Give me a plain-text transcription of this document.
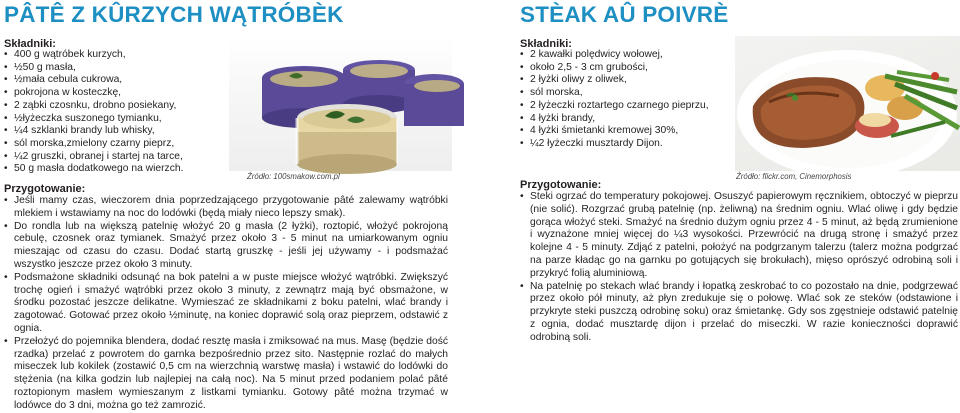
PÂTÊ Z KÛRZYCH WĄTRÓBÈK
Składniki:
• 400 g wątróbek kurzych,
• ½50 g masła,
• ½mała cebula cukrowa,
• pokrojona w kosteczkę,
• 2 ząbki czosnku, drobno posiekany,
• ½łyżeczka suszonego tymianku,
• ¼4 szklanki brandy lub whisky,
• sól morska,zmielony czarny pieprz,
• ¼2 gruszki, obranej i startej na tarce,
• 50 g masła dodatkowego na wierzch.
Źródło: 100smakow.com.pl
Przygotowanie:
• Jeśli mamy czas, wieczorem dnia poprzedzającego przygotowanie pâté zalewamy wątróbki mlekiem i wstawiamy na noc do lodówki (będą miały nieco lepszy smak).
• Do rondla lub na większą patelnię włożyć 20 g masła (2 łyżki), roztopić, włożyć pokrojoną cebulę, czosnek oraz tymianek. Smażyć przez około 3 - 5 minut na umiarkowanym ogniu mieszając od czasu do czasu. Dodać startą gruszkę - jeśli jej używamy - i podsmażać wszystko jeszcze przez około 3 minuty.
• Podsmażone składniki odsunąć na bok patelni a w puste miejsce włożyć wątróbki. Zwiększyć trochę ogień i smażyć wątróbki przez około 3 minuty, z zewnątrz mają być obsmażone, w środku pozostać jeszcze delikatne. Wymieszać ze składnikami z boku patelni, wlać brandy i zagotować. Gotować przez około ½minutę, na koniec doprawić solą oraz pieprzem, odstawić z ognia.
• Przełożyć do pojemnika blendera, dodać resztę masła i zmiksować na mus. Masę (będzie dość rzadka) przelać z powrotem do garnka bezpośrednio przez sito. Następnie rozlać do małych miseczek lub kokilek (zostawić 0,5 cm na wierzchnią warstwę masła) i wstawić do lodówki do stężenia (na kilka godzin lub najlepiej na całą noc). Na 5 minut przed podaniem polać pâté roztopionym masłem wymieszanym z listkami tymianku. Gotowy pâté można trzymać w lodówce do 3 dni, można go też zamrozić.
STÈAK AÛ POIVRÈ
Składniki:
• 2 kawałki polędwicy wołowej,
• około 2,5 - 3 cm grubości,
• 2 łyżki oliwy z oliwek,
• sól morska,
• 2 łyżeczki roztartego czarnego pieprzu,
• 4 łyżki brandy,
• 4 łyżki śmietanki kremowej 30%,
• ¼2 łyżeczki musztardy Dijon.
Źródło: flickr.com, Cinemorphosis
Przygotowanie:
• Steki ogrzać do temperatury pokojowej. Osuszyć papierowym ręcznikiem, obtoczyć w pieprzu (nie solić). Rozgrzać grubą patelnię (np. żeliwną) na średnim ogniu. Wlać oliwę i gdy będzie gorąca włożyć steki. Smażyć na średnio dużym ogniu przez 4 - 5 minut, aż będą zrumienione i wyznażone mniej więcej do ¼3 wysokości. Przewrócić na drugą stronę i smażyć przez kolejne 4 - 5 minuty. Zdjąć z patelni, położyć na podgrzanym talerzu (talerz można podgrzać na parze kładąc go na garnku po gotujących się brokułach), mięso oprószyć odrobiną soli i przykryć folią aluminiową.
• Na patelnię po stekach wlać brandy i łopatką zeskrobać to co pozostało na dnie, podgrzewać przez około pół minuty, aż płyn zredukuje się o połowę. Wlać sok ze steków (odstawione i przykryte steki puszczą odrobinę soku) oraz śmietankę. Gdy sos zgęstnieje odstawić patelnię z ognia, dodać musztardę dijon i przelać do miseczki. W razie konieczności doprawić odrobiną soli.
